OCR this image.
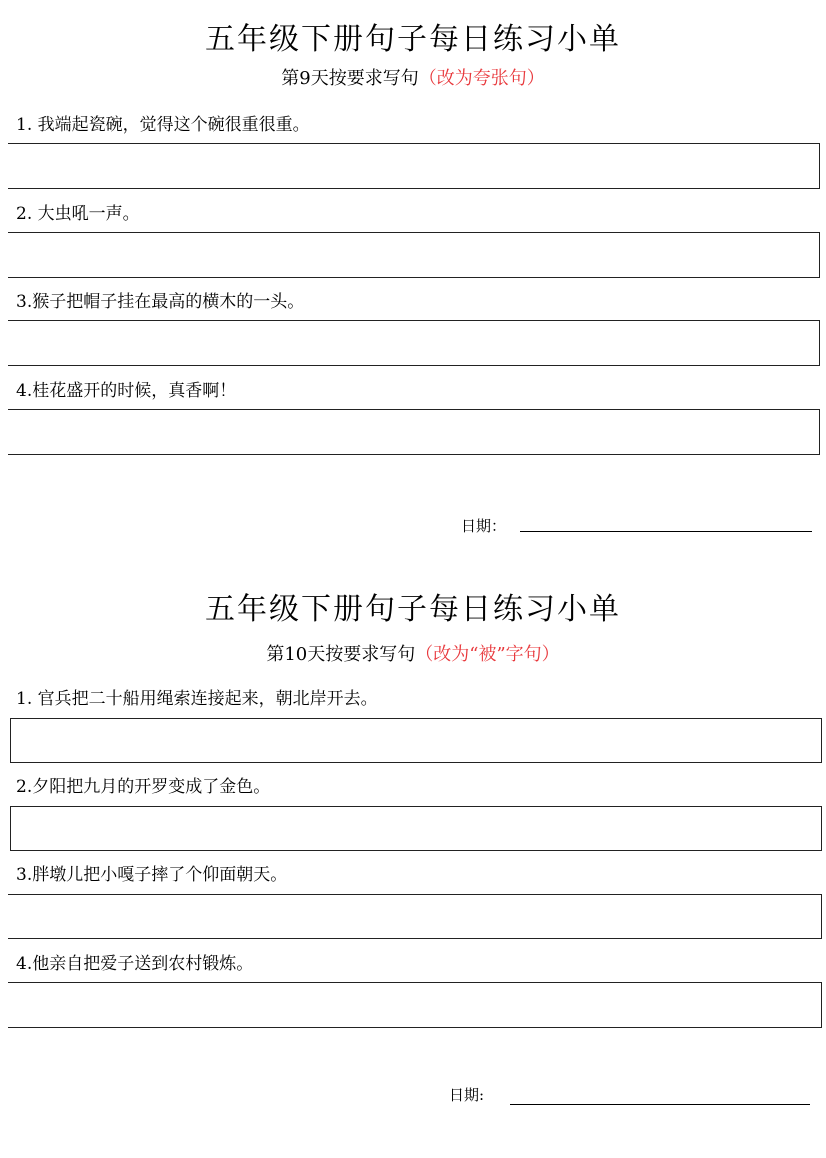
五年级下册句子每日练习小单
第9天按要求写句（改为夸张句）
1. 我端起瓷碗，觉得这个碗很重很重。
2. 大虫吼一声。
3.猴子把帽子挂在最高的横木的一头。
4.桂花盛开的时候，真香啊！
日期：
五年级下册句子每日练习小单
第10天按要求写句（改为“被”字句）
1. 官兵把二十船用绳索连接起来，朝北岸开去。
2.夕阳把九月的开罗变成了金色。
3.胖墩儿把小嘎子摔了个仰面朝天。
4.他亲自把爱子送到农村锻炼。
日期:
